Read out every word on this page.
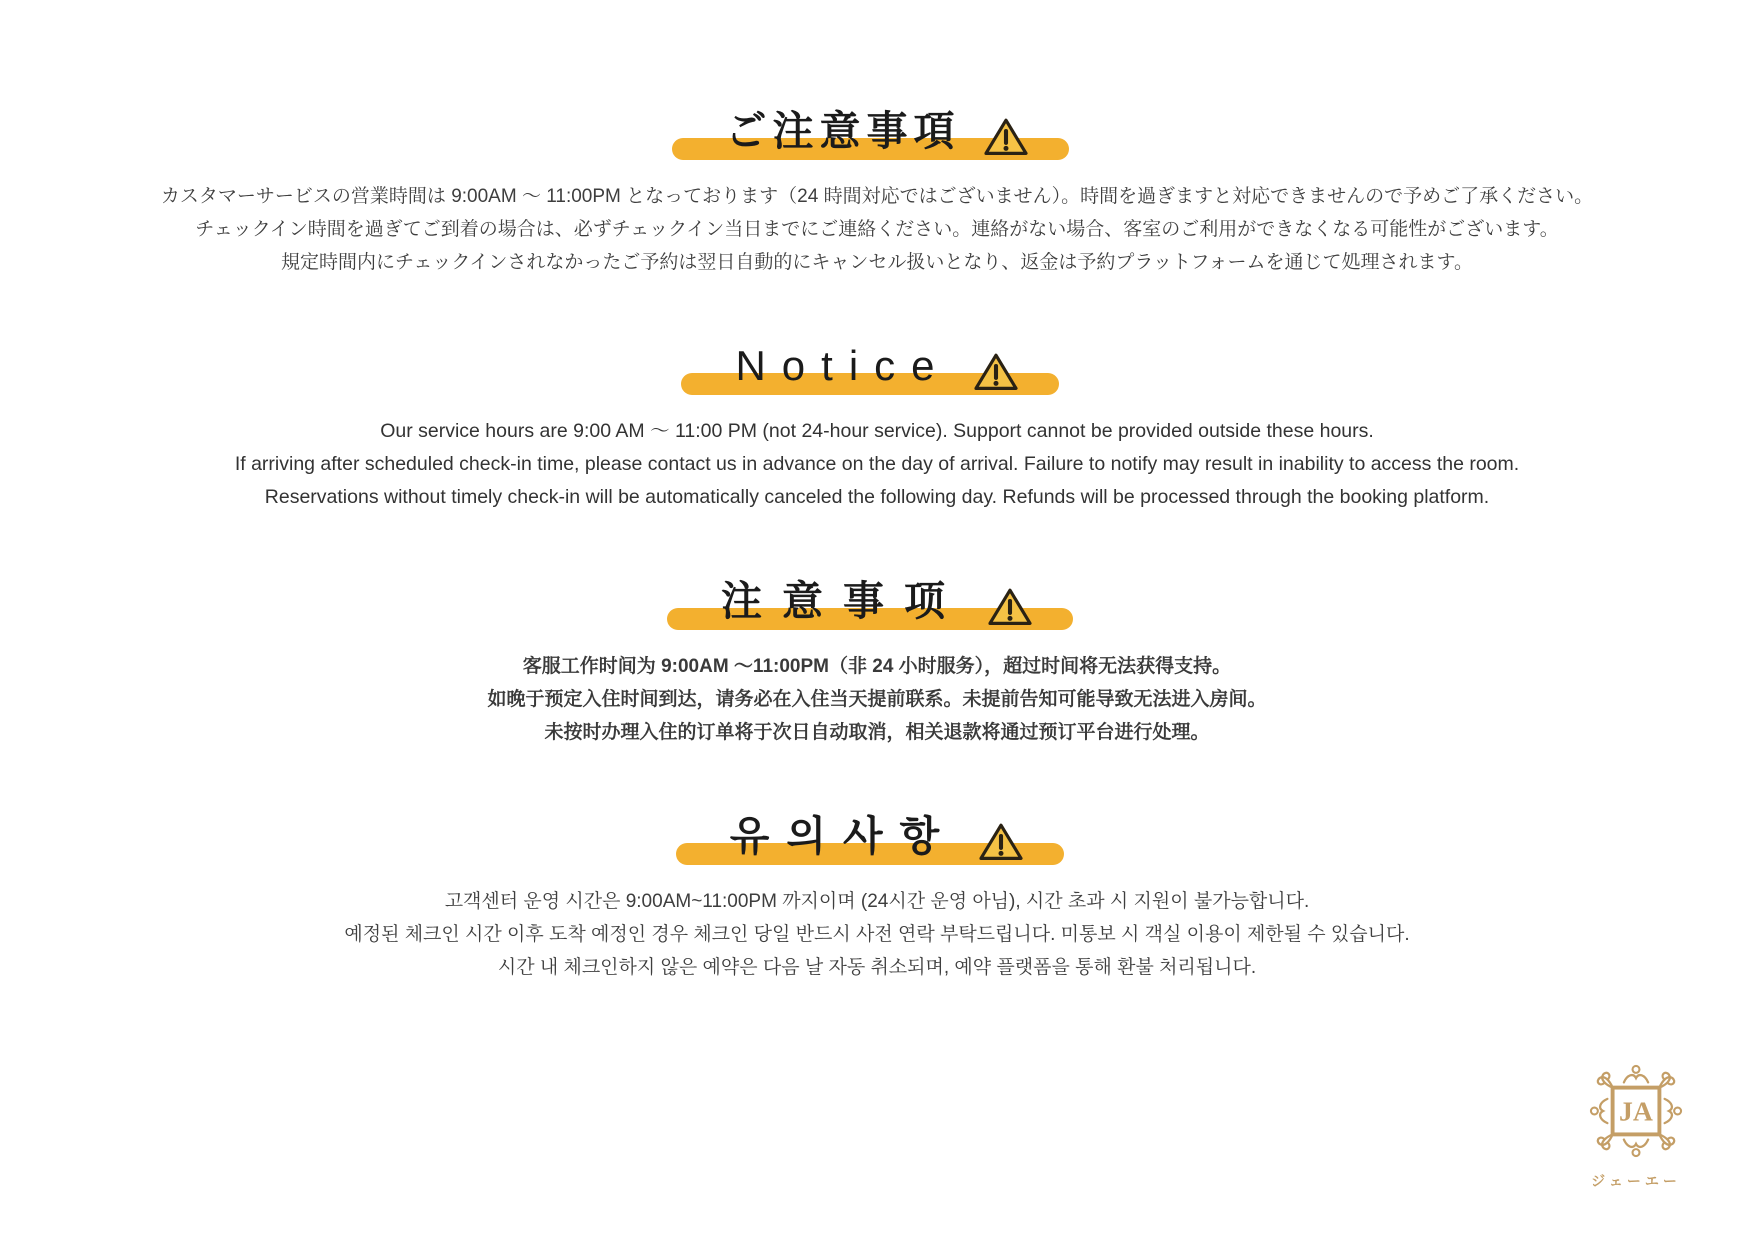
ご注意事項

カスタマーサービスの営業時間は 9:00AM ～ 11:00PM となっております（24 時間対応ではございません）。時間を過ぎますと対応できませんので予めご了承ください。

チェックイン時間を過ぎてご到着の場合は、必ずチェックイン当日までにご連絡ください。連絡がない場合、客室のご利用ができなくなる可能性がございます。

規定時間内にチェックインされなかったご予約は翌日自動的にキャンセル扱いとなり、返金は予約プラットフォームを通じて処理されます。

Notice

Our service hours are 9:00 AM ～ 11:00 PM (not 24-hour service). Support cannot be provided outside these hours.

If arriving after scheduled check-in time, please contact us in advance on the day of arrival. Failure to notify may result in inability to access the room.

Reservations without timely check-in will be automatically canceled the following day. Refunds will be processed through the booking platform.

注意事项

客服工作时间为 9:00AM ～11:00PM（非 24 小时服务），超过时间将无法获得支持。

如晚于预定入住时间到达，请务必在入住当天提前联系。未提前告知可能导致无法进入房间。

未按时办理入住的订单将于次日自动取消，相关退款将通过预订平台进行处理。

유의사항

고객센터 운영 시간은 9:00AM~11:00PM 까지이며 (24시간 운영 아님), 시간 초과 시 지원이 불가능합니다.

예정된 체크인 시간 이후 도착 예정인 경우 체크인 당일 반드시 사전 연락 부탁드립니다. 미통보 시 객실 이용이 제한될 수 있습니다.

시간 내 체크인하지 않은 예약은 다음 날 자동 취소되며, 예약 플랫폼을 통해 환불 처리됩니다.

JA
ジェーエー
